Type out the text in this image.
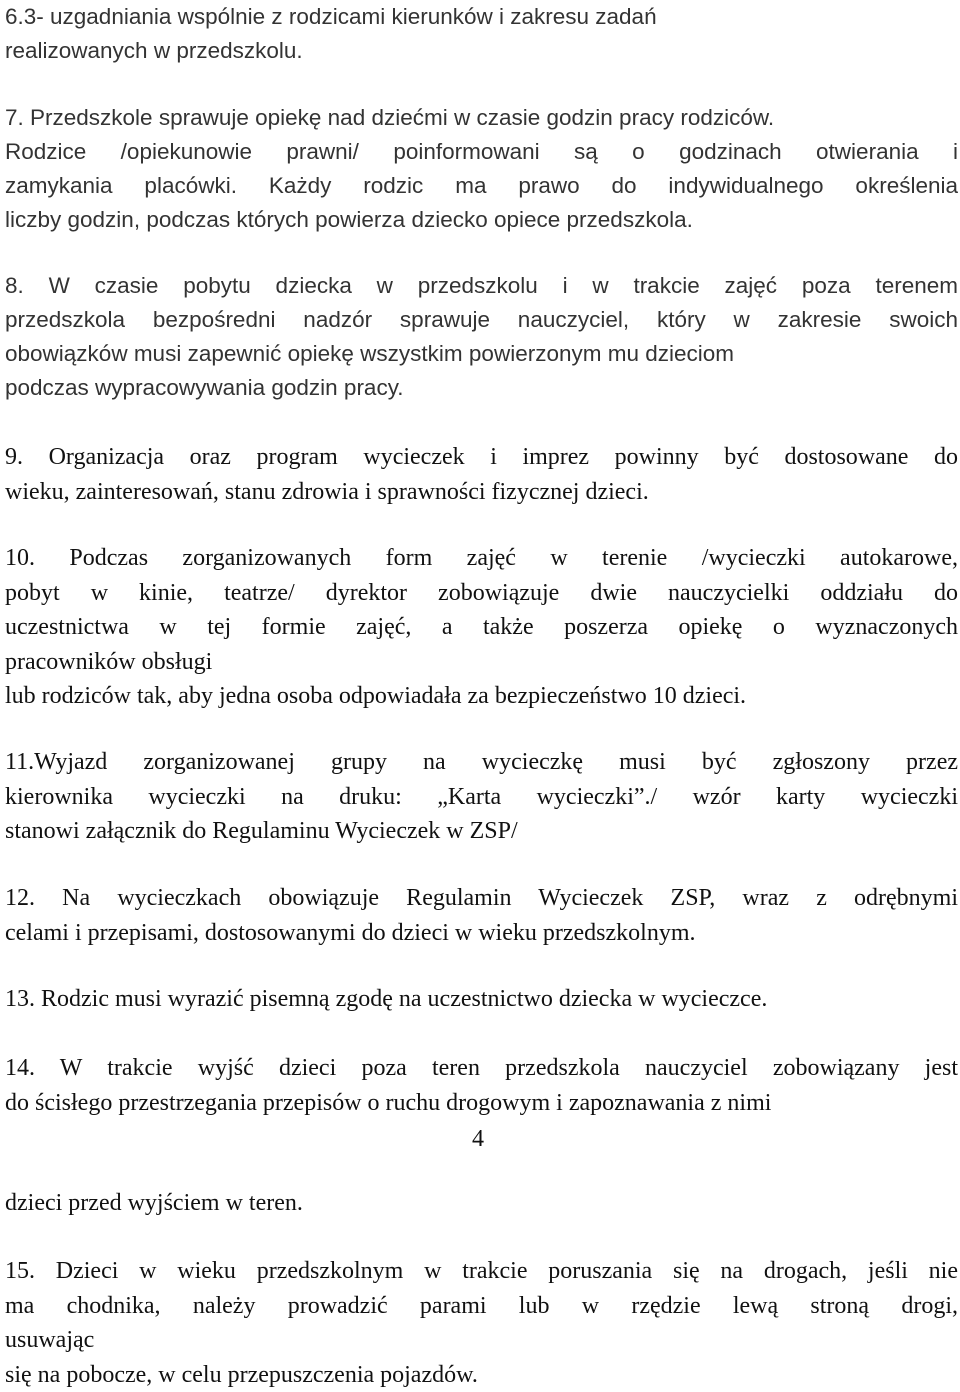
6.3- uzgadniania wspólnie z rodzicami kierunków i zakresu zadań

realizowanych w przedszkolu.

7. Przedszkole sprawuje opiekę nad dziećmi w czasie godzin pracy rodziców.

Rodzice /opiekunowie prawni/ poinformowani są o godzinach otwierania i

zamykania placówki. Każdy rodzic ma prawo do indywidualnego określenia

liczby godzin, podczas których powierza dziecko opiece przedszkola.

8. W czasie pobytu dziecka w przedszkolu i w trakcie zajęć poza terenem

przedszkola bezpośredni nadzór sprawuje nauczyciel, który w zakresie swoich

obowiązków musi zapewnić opiekę wszystkim powierzonym mu dzieciom

podczas wypracowywania godzin pracy.

9. Organizacja oraz program wycieczek i imprez powinny być dostosowane do

wieku, zainteresowań, stanu zdrowia i sprawności fizycznej dzieci.

10. Podczas zorganizowanych form zajęć w terenie /wycieczki autokarowe,

pobyt w kinie, teatrze/ dyrektor zobowiązuje dwie nauczycielki oddziału do

uczestnictwa w tej formie zajęć, a także poszerza opiekę o wyznaczonych

pracowników obsługi

lub rodziców tak, aby jedna osoba odpowiadała za bezpieczeństwo 10 dzieci.

11.Wyjazd zorganizowanej grupy na wycieczkę musi być zgłoszony przez

kierownika wycieczki na druku: „Karta wycieczki”./ wzór karty wycieczki

stanowi załącznik do Regulaminu Wycieczek w ZSP/

12. Na wycieczkach obowiązuje Regulamin Wycieczek ZSP, wraz z odrębnymi

celami i przepisami, dostosowanymi do dzieci w wieku przedszkolnym.

13. Rodzic musi wyrazić pisemną zgodę na uczestnictwo dziecka w wycieczce.

14. W trakcie wyjść dzieci poza teren przedszkola nauczyciel zobowiązany jest

do ścisłego przestrzegania przepisów o ruchu drogowym i zapoznawania z nimi

4

dzieci przed wyjściem w teren.

15. Dzieci w wieku przedszkolnym w trakcie poruszania się na drogach, jeśli nie

ma chodnika, należy prowadzić parami lub w rzędzie lewą stroną drogi,

usuwając

się na pobocze, w celu przepuszczenia pojazdów.
